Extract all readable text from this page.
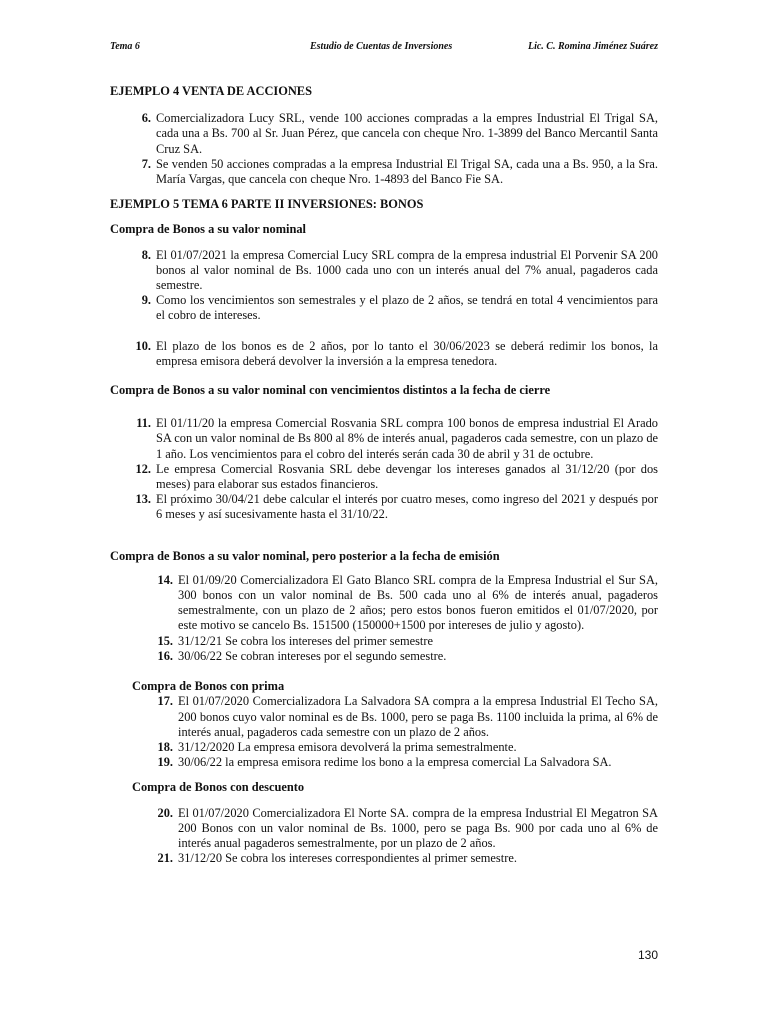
Tema 6	Estudio de Cuentas de Inversiones	Lic. C. Romina Jiménez Suárez

EJEMPLO 4 VENTA DE ACCIONES

6. Comercializadora Lucy SRL, vende 100 acciones compradas a la empres Industrial El Trigal SA, cada una a Bs. 700 al Sr. Juan Pérez, que cancela con cheque Nro. 1-3899 del Banco Mercantil Santa Cruz SA.
7. Se venden 50 acciones compradas a la empresa Industrial El Trigal SA, cada una a Bs. 950, a la Sra. María Vargas, que cancela con cheque Nro. 1-4893 del Banco Fie SA.

EJEMPLO 5 TEMA 6 PARTE II INVERSIONES: BONOS

Compra de Bonos a su valor nominal

8. El 01/07/2021 la empresa Comercial Lucy SRL compra de la empresa industrial El Porvenir SA 200 bonos al valor nominal de Bs. 1000 cada uno con un interés anual del 7% anual, pagaderos cada semestre.
9. Como los vencimientos son semestrales y el plazo de 2 años, se tendrá en total 4 vencimientos para el cobro de intereses.
10. El plazo de los bonos es de 2 años, por lo tanto el 30/06/2023 se deberá redimir los bonos, la empresa emisora deberá devolver la inversión a la empresa tenedora.

Compra de Bonos a su valor nominal con vencimientos distintos a la fecha de cierre

11. El 01/11/20 la empresa Comercial Rosvania SRL compra 100 bonos de empresa industrial El Arado SA con un valor nominal de Bs 800 al 8% de interés anual, pagaderos cada semestre, con un plazo de 1 año. Los vencimientos para el cobro del interés serán cada 30 de abril y 31 de octubre.
12. Le empresa Comercial Rosvania SRL debe devengar los intereses ganados al 31/12/20 (por dos meses) para elaborar sus estados financieros.
13. El próximo 30/04/21 debe calcular el interés por cuatro meses, como ingreso del 2021 y después por 6 meses y así sucesivamente hasta el 31/10/22.

Compra de Bonos a su valor nominal, pero posterior a la fecha de emisión

14. El 01/09/20 Comercializadora El Gato Blanco SRL compra de la Empresa Industrial el Sur SA, 300 bonos con un valor nominal de Bs. 500 cada uno al 6% de interés anual, pagaderos semestralmente, con un plazo de 2 años; pero estos bonos fueron emitidos el 01/07/2020, por este motivo se cancelo Bs. 151500 (150000+1500 por intereses de julio y agosto).
15. 31/12/21 Se cobra los intereses del primer semestre
16. 30/06/22 Se cobran intereses por el segundo semestre.

Compra de Bonos con prima

17. El 01/07/2020 Comercializadora La Salvadora SA compra a la empresa Industrial El Techo SA, 200 bonos cuyo valor nominal es de Bs. 1000, pero se paga Bs. 1100 incluida la prima, al 6% de interés anual, pagaderos cada semestre con un plazo de 2 años.
18. 31/12/2020 La empresa emisora devolverá la prima semestralmente.
19. 30/06/22 la empresa emisora redime los bono a la empresa comercial La Salvadora SA.

Compra de Bonos con descuento

20. El 01/07/2020 Comercializadora El Norte SA. compra de la empresa Industrial El Megatron SA 200 Bonos con un valor nominal de Bs. 1000, pero se paga Bs. 900 por cada uno al 6% de interés anual pagaderos semestralmente, por un plazo de 2 años.
21. 31/12/20 Se cobra los intereses correspondientes al primer semestre.
130
